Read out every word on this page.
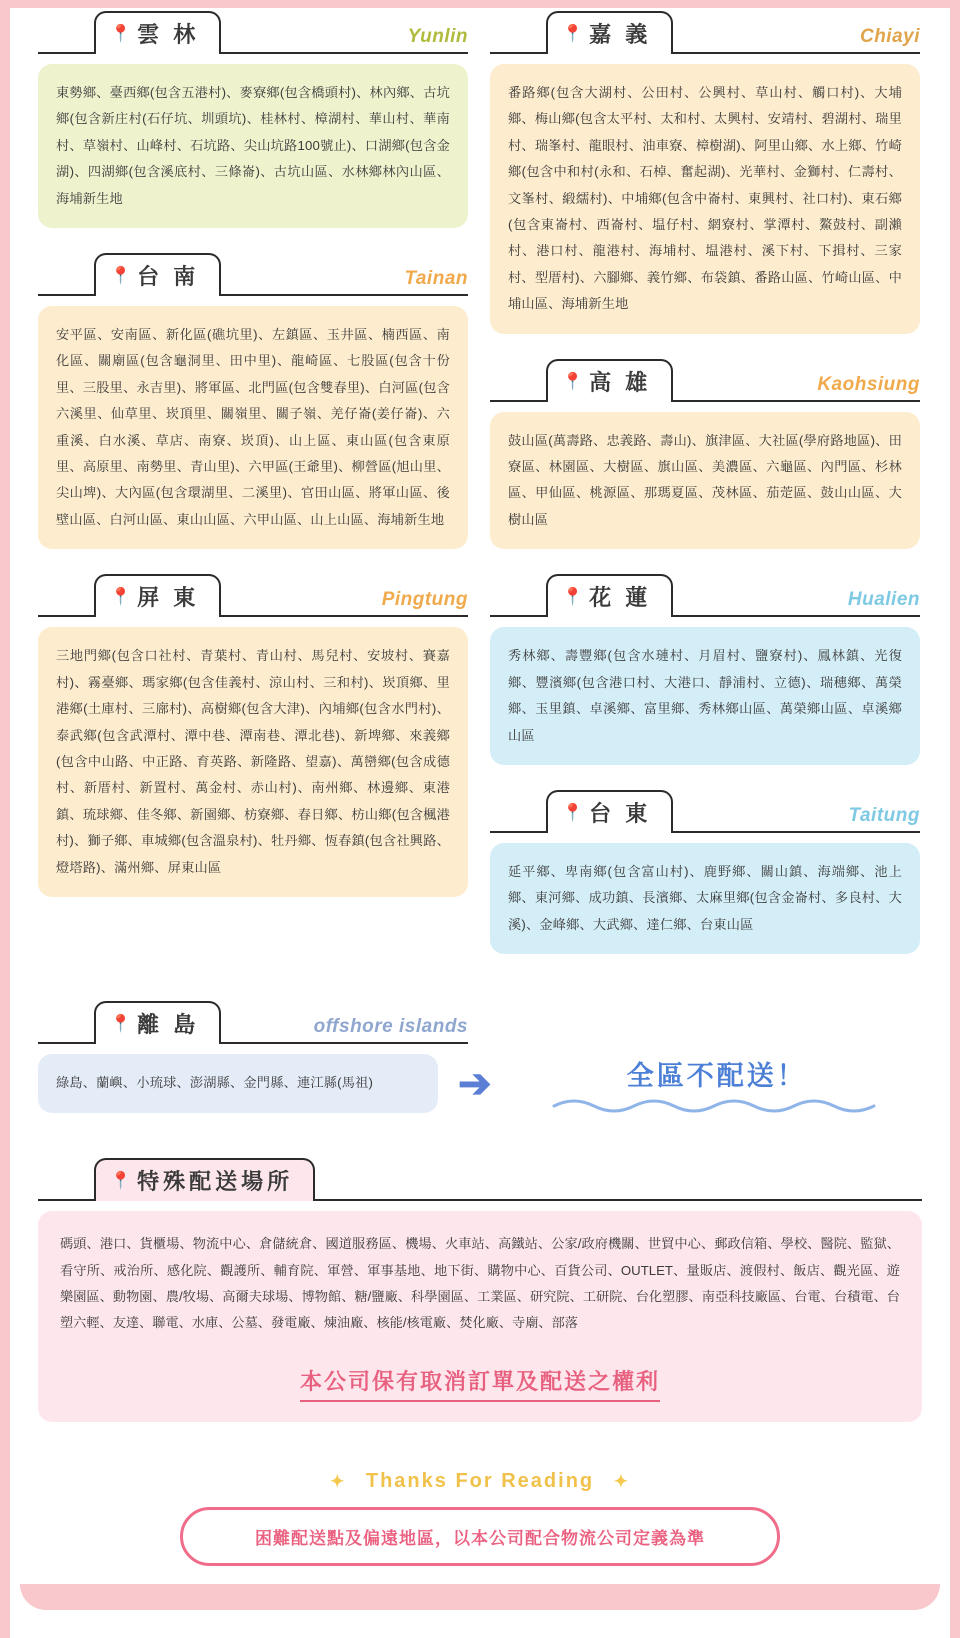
📍 雲 林	Yunlin
東勢鄉、臺西鄉(包含五港村)、麥寮鄉(包含橋頭村)、林內鄉、古坑鄉(包含新庄村(石仔坑、圳頭坑)、桂林村、樟湖村、華山村、華南村、草嶺村、山峰村、石坑路、尖山坑路100號止)、口湖鄉(包含金湖)、四湖鄉(包含溪底村、三條崙)、古坑山區、水林鄉林內山區、海埔新生地
📍 台 南	Tainan
安平區、安南區、新化區(礁坑里)、左鎮區、玉井區、楠西區、南化區、關廟區(包含龜洞里、田中里)、龍崎區、七股區(包含十份里、三股里、永吉里)、將軍區、北門區(包含雙春里)、白河區(包含六溪里、仙草里、崁頂里、關嶺里、關子嶺、羌仔崙(姜仔崙)、六重溪、白水溪、草店、南寮、崁頂)、山上區、東山區(包含東原里、高原里、南勢里、青山里)、六甲區(王爺里)、柳營區(旭山里、尖山埤)、大內區(包含環湖里、二溪里)、官田山區、將軍山區、後壁山區、白河山區、東山山區、六甲山區、山上山區、海埔新生地
📍 屏 東	Pingtung
三地門鄉(包含口社村、青葉村、青山村、馬兒村、安坡村、賽嘉村)、霧臺鄉、瑪家鄉(包含佳義村、涼山村、三和村)、崁頂鄉、里港鄉(土庫村、三廍村)、高樹鄉(包含大津)、內埔鄉(包含水門村)、泰武鄉(包含武潭村、潭中巷、潭南巷、潭北巷)、新埤鄉、來義鄉(包含中山路、中正路、育英路、新隆路、望嘉)、萬巒鄉(包含成德村、新厝村、新置村、萬金村、赤山村)、南州鄉、林邊鄉、東港鎮、琉球鄉、佳冬鄉、新園鄉、枋寮鄉、春日鄉、枋山鄉(包含楓港村)、獅子鄉、車城鄉(包含溫泉村)、牡丹鄉、恆春鎮(包含社興路、燈塔路)、滿州鄉、屏東山區
📍 嘉 義	Chiayi
番路鄉(包含大湖村、公田村、公興村、草山村、觸口村)、大埔鄉、梅山鄉(包含太平村、太和村、太興村、安靖村、碧湖村、瑞里村、瑞峯村、龍眼村、油車寮、樟樹湖)、阿里山鄉、水上鄉、竹崎鄉(包含中和村(永和、石棹、奮起湖)、光華村、金獅村、仁壽村、文峯村、緞繻村)、中埔鄉(包含中崙村、東興村、社口村)、東石鄉(包含東崙村、西崙村、塭仔村、網寮村、掌潭村、鰲鼓村、副瀨村、港口村、龍港村、海埔村、塭港村、溪下村、下揖村、三家村、型厝村)、六腳鄉、義竹鄉、布袋鎮、番路山區、竹崎山區、中埔山區、海埔新生地
📍 高 雄	Kaohsiung
鼓山區(萬壽路、忠義路、壽山)、旗津區、大社區(學府路地區)、田寮區、林園區、大樹區、旗山區、美濃區、六龜區、內門區、杉林區、甲仙區、桃源區、那瑪夏區、茂林區、茄萣區、鼓山山區、大樹山區
📍 花 蓮	Hualien
秀林鄉、壽豐鄉(包含水璉村、月眉村、鹽寮村)、鳳林鎮、光復鄉、豐濱鄉(包含港口村、大港口、靜浦村、立德)、瑞穗鄉、萬榮鄉、玉里鎮、卓溪鄉、富里鄉、秀林鄉山區、萬榮鄉山區、卓溪鄉山區
📍 台 東	Taitung
延平鄉、卑南鄉(包含富山村)、鹿野鄉、關山鎮、海端鄉、池上鄉、東河鄉、成功鎮、長濱鄉、太麻里鄉(包含金崙村、多良村、大溪)、金峰鄉、大武鄉、達仁鄉、台東山區
📍 離 島	offshore islands
綠島、蘭嶼、小琉球、澎湖縣、金門縣、連江縣(馬祖)	➔	全區不配送！
📍 特殊配送場所

碼頭、港口、貨櫃場、物流中心、倉儲統倉、國道服務區、機場、火車站、高鐵站、公家/政府機關、世貿中心、郵政信箱、學校、醫院、監獄、看守所、戒治所、感化院、觀護所、輔育院、軍營、軍事基地、地下街、購物中心、百貨公司、OUTLET、量販店、渡假村、飯店、觀光區、遊樂園區、動物園、農/牧場、高爾夫球場、博物館、糖/鹽廠、科學園區、工業區、研究院、工研院、台化塑膠、南亞科技廠區、台電、台積電、台塑六輕、友達、聯電、水庫、公墓、發電廠、煉油廠、核能/核電廠、焚化廠、寺廟、部落

本公司保有取消訂單及配送之權利
✦ Thanks For Reading ✦
困難配送點及偏遠地區，以本公司配合物流公司定義為準
